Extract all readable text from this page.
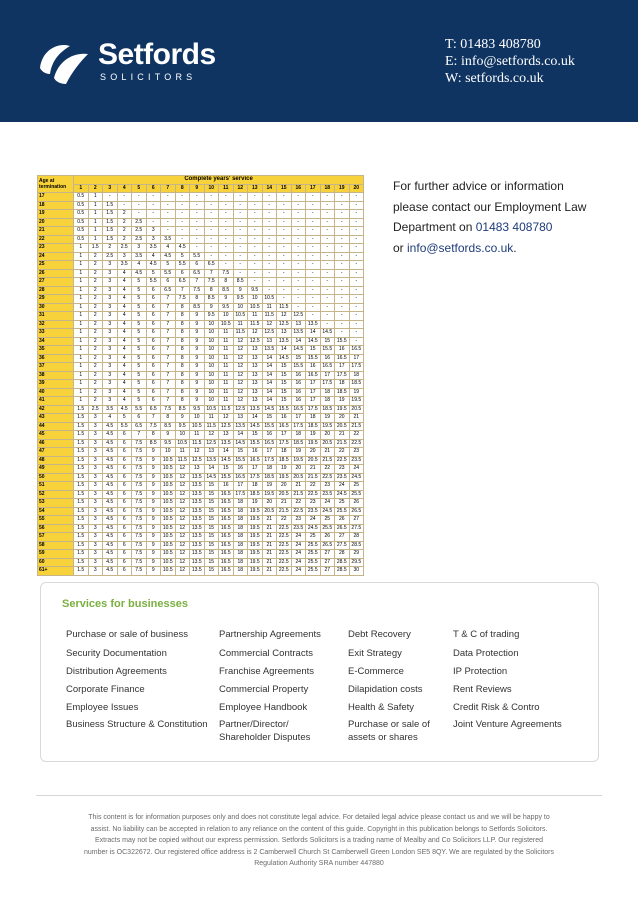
Setfords
SOLICITORS
T: 01483 408780
E: info@setfords.co.uk
W: setfords.co.uk
Age at
termination	Complete years' service																			
	1	2	3	4	5	6	7	8	9	10	11	12	13	14	15	16	17	18	19	20
17	0.5	1	-	-	-	-	-	-	-	-	-	-	-	-	-	-	-	-	-	-
18	0.5	1	1.5	-	-	-	-	-	-	-	-	-	-	-	-	-	-	-	-	-
19	0.5	1	1.5	2	-	-	-	-	-	-	-	-	-	-	-	-	-	-	-	-
20	0.5	1	1.5	2	2.5	-	-	-	-	-	-	-	-	-	-	-	-	-	-	-
21	0.5	1	1.5	2	2.5	3	-	-	-	-	-	-	-	-	-	-	-	-	-	-
22	0.5	1	1.5	2	2.5	3	3.5	-	-	-	-	-	-	-	-	-	-	-	-	-
23	1	1.5	2	2.5	3	3.5	4	4.5	-	-	-	-	-	-	-	-	-	-	-	-
24	1	2	2.5	3	3.5	4	4.5	5	5.5	-	-	-	-	-	-	-	-	-	-	-
25	1	2	3	3.5	4	4.5	5	5.5	6	6.5	-	-	-	-	-	-	-	-	-	-
26	1	2	3	4	4.5	5	5.5	6	6.5	7	7.5	-	-	-	-	-	-	-	-	-
27	1	2	3	4	5	5.5	6	6.5	7	7.5	8	8.5	-	-	-	-	-	-	-	-
28	1	2	3	4	5	6	6.5	7	7.5	8	8.5	9	9.5	-	-	-	-	-	-	-
29	1	2	3	4	5	6	7	7.5	8	8.5	9	9.5	10	10.5	-	-	-	-	-	-
30	1	2	3	4	5	6	7	8	8.5	9	9.5	10	10.5	11	11.5	-	-	-	-	-
31	1	2	3	4	5	6	7	8	9	9.5	10	10.5	11	11.5	12	12.5	-	-	-	-
32	1	2	3	4	5	6	7	8	9	10	10.5	11	11.5	12	12.5	13	13.5	-	-	-
33	1	2	3	4	5	6	7	8	9	10	11	11.5	12	12.5	13	13.5	14	14.5	-	-
34	1	2	3	4	5	6	7	8	9	10	11	12	12.5	13	13.5	14	14.5	15	15.5	-
35	1	2	3	4	5	6	7	8	9	10	11	12	13	13.5	14	14.5	15	15.5	16	16.5
36	1	2	3	4	5	6	7	8	9	10	11	12	13	14	14.5	15	15.5	16	16.5	17
37	1	2	3	4	5	6	7	8	9	10	11	12	13	14	15	15.5	16	16.5	17	17.5
38	1	2	3	4	5	6	7	8	9	10	11	12	13	14	15	16	16.5	17	17.5	18
39	1	2	3	4	5	6	7	8	9	10	11	12	13	14	15	16	17	17.5	18	18.5
40	1	2	3	4	5	6	7	8	9	10	11	12	13	14	15	16	17	18	18.5	19
41	1	2	3	4	5	6	7	8	9	10	11	12	13	14	15	16	17	18	19	19.5
42	1.5	2.5	3.5	4.5	5.5	6.5	7.5	8.5	9.5	10.5	11.5	12.5	13.5	14.5	15.5	16.5	17.5	18.5	19.5	20.5
43	1.5	3	4	5	6	7	8	9	10	11	12	13	14	15	16	17	18	19	20	21
44	1.5	3	4.5	5.5	6.5	7.5	8.5	9.5	10.5	11.5	12.5	13.5	14.5	15.5	16.5	17.5	18.5	19.5	20.5	21.5
45	1.5	3	4.5	6	7	8	9	10	11	12	13	14	15	16	17	18	19	20	21	22
46	1.5	3	4.5	6	7.5	8.5	9.5	10.5	11.5	12.5	13.5	14.5	15.5	16.5	17.5	18.5	19.5	20.5	21.5	22.5
47	1.5	3	4.5	6	7.5	9	10	11	12	13	14	15	16	17	18	19	20	21	22	23
48	1.5	3	4.5	6	7.5	9	10.5	11.5	12.5	13.5	14.5	15.5	16.5	17.5	18.5	19.5	20.5	21.5	22.5	23.5
49	1.5	3	4.5	6	7.5	9	10.5	12	13	14	15	16	17	18	19	20	21	22	23	24
50	1.5	3	4.5	6	7.5	9	10.5	12	13.5	14.5	15.5	16.5	17.5	18.5	19.5	20.5	21.5	22.5	23.5	24.5
51	1.5	3	4.5	6	7.5	9	10.5	12	13.5	15	16	17	18	19	20	21	22	23	24	25
52	1.5	3	4.5	6	7.5	9	10.5	12	13.5	15	16.5	17.5	18.5	19.5	20.5	21.5	22.5	23.5	24.5	25.5
53	1.5	3	4.5	6	7.5	9	10.5	12	13.5	15	16.5	18	19	20	21	22	23	24	25	26
54	1.5	3	4.5	6	7.5	9	10.5	12	13.5	15	16.5	18	19.5	20.5	21.5	22.5	23.5	24.5	25.5	26.5
55	1.5	3	4.5	6	7.5	9	10.5	12	13.5	15	16.5	18	19.5	21	22	23	24	25	26	27
56	1.5	3	4.5	6	7.5	9	10.5	12	13.5	15	16.5	18	19.5	21	22.5	23.5	24.5	25.5	26.5	27.5
57	1.5	3	4.5	6	7.5	9	10.5	12	13.5	15	16.5	18	19.5	21	22.5	24	25	26	27	28
58	1.5	3	4.5	6	7.5	9	10.5	12	13.5	15	16.5	18	19.5	21	22.5	24	25.5	26.5	27.5	28.5
59	1.5	3	4.5	6	7.5	9	10.5	12	13.5	15	16.5	18	19.5	21	22.5	24	25.5	27	28	29
60	1.5	3	4.5	6	7.5	9	10.5	12	13.5	15	16.5	18	19.5	21	22.5	24	25.5	27	28.5	29.5
61+	1.5	3	4.5	6	7.5	9	10.5	12	13.5	15	16.5	18	19.5	21	22.5	24	25.5	27	28.5	30
For further advice or information
please contact our Employment Law
Department on 01483 408780
or info@setfords.co.uk.
Services for businesses
Purchase or sale of business
Security Documentation
Distribution Agreements
Corporate Finance
Employee Issues
Business Structure & Constitution
Partnership Agreements
Commercial Contracts
Franchise Agreements
Commercial Property
Employee Handbook
Partner/Director/ Shareholder Disputes
Debt Recovery
Exit Strategy
E-Commerce
Dilapidation costs
Health & Safety
Purchase or sale of assets or shares
T & C of trading
Data Protection
IP Protection
Rent Reviews
Credit Risk & Contro
Joint Venture Agreements
This content is for information purposes only and does not constitute legal advice. For detailed legal advice please contact us and we will be happy to assist. No liability can be accepted in relation to any reliance on the content of this guide. Copyright in this publication belongs to Setfords Solicitors. Extracts may not be copied without our express permission. Setfords Solicitors is a trading name of Mealby and Co Solicitors LLP. Our registered number is OC322672. Our registered office address is 2 Camberwell Church St Camberwell Green London SE5 8QY. We are regulated by the Solicitors Regulation Authority SRA number 447880
